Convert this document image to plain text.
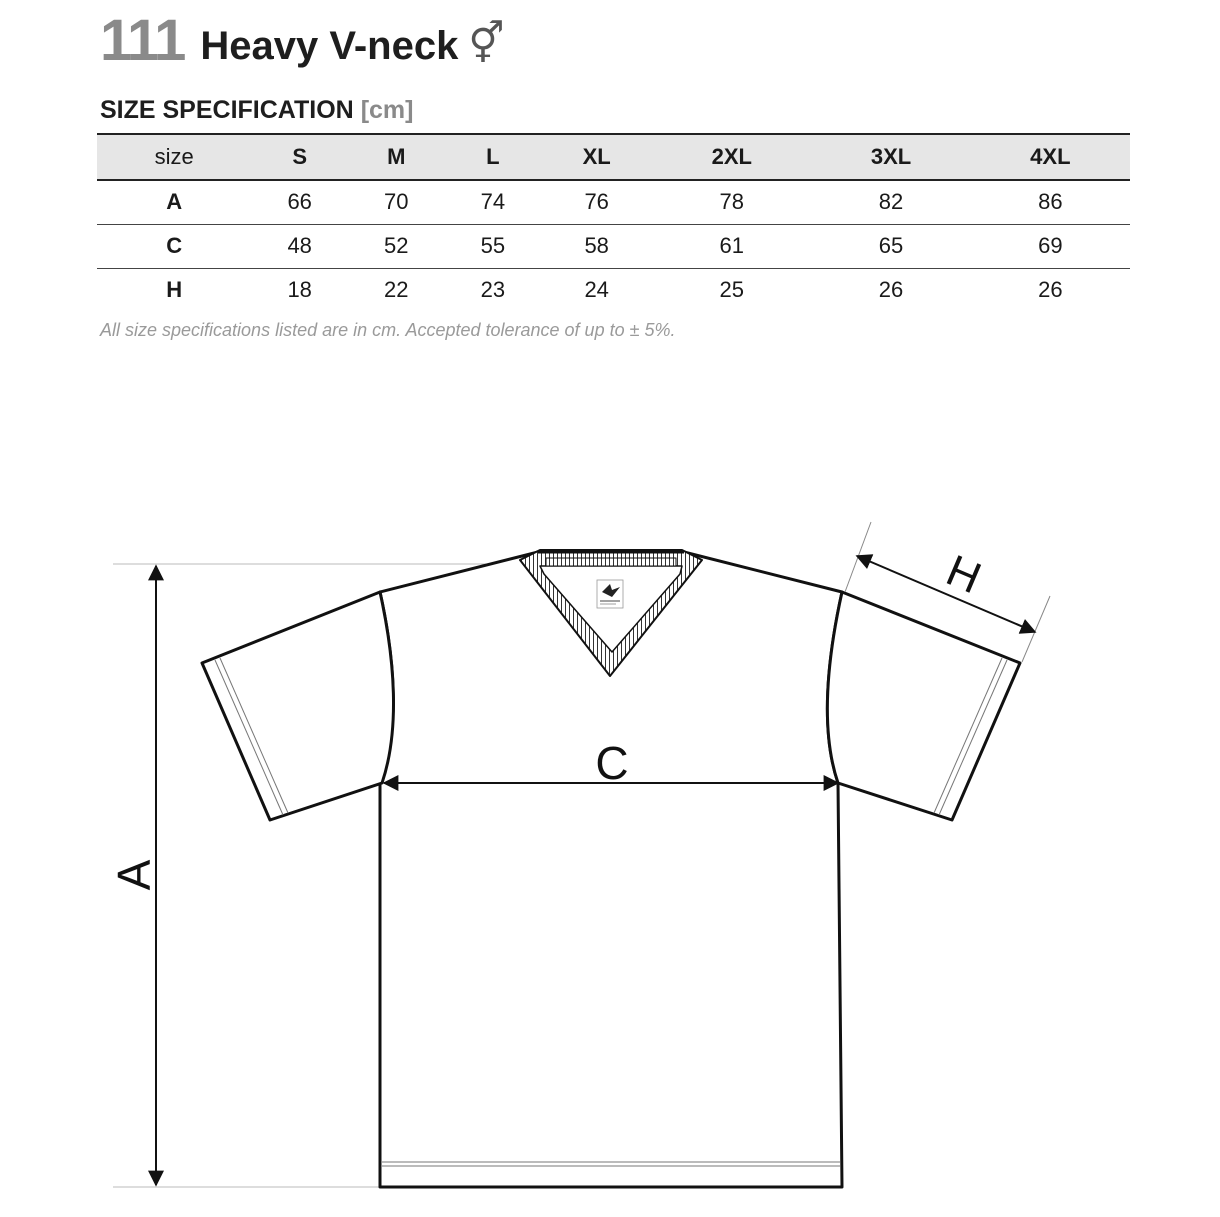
111 Heavy V-neck ⚥
SIZE SPECIFICATION [cm]
size	S	M	L	XL	2XL	3XL	4XL
A	66	70	74	76	78	82	86
C	48	52	55	58	61	65	69
H	18	22	23	24	25	26	26
All size specifications listed are in cm. Accepted tolerance of up to ± 5%.
A
C
H
